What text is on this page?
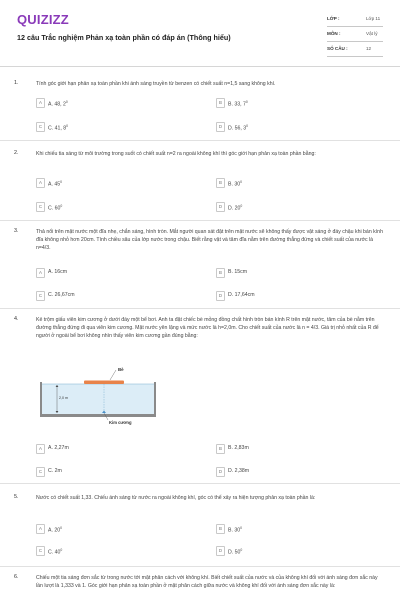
QUIZIZZ
12 câu Trắc nghiệm Phản xạ toàn phần có đáp án (Thông hiểu)
LỚP :	Lớp 11
MÔN :	Vật lý
SỐ CÂU :	12
1.	Tính góc giới hạn phản xạ toàn phần khi ánh sáng truyền từ benzen có chiết suất n=1,5 sang không khí.
A	A. 48, $2^0$	B	B. 33, $7^0$
C	C. 41, $8^0$	D	D. 56, $3^0$
2.	Khi chiếu tia sáng từ môi trường trong suốt có chiết suất n=2 ra ngoài không khí thì góc giới hạn phản xạ toàn phần bằng:
A	A. $45^0$	B	B. $30^0$
C	C. $60^0$	D	D. $20^0$
3.	Thả nổi trên mặt nước một đĩa nhẹ, chắn sáng, hình tròn. Mắt người quan sát đặt trên mặt nước sẽ không thấy được vật sáng ở đáy chậu khi bán kính đĩa không nhỏ hơn 20cm. Tính chiều sâu của lớp nước trong chậu. Biết rằng vật và tâm đĩa nằm trên đường thẳng đứng và chiết suất của nước là n=4/3.
A	A. 16cm	B	B. 15cm
C	C. 26,67cm	D	D. 17,64cm
4.	Kẻ trộm giấu viên kim cương ở dưới đáy một bể bơi. Anh ta đặt chiếc bè mỏng đồng chất hình tròn bán kính R trên mặt nước, tâm của bè nằm trên đường thẳng đứng đi qua viên kim cương. Mặt nước yên lặng và mức nước là h=2,0m. Cho chiết suất của nước là n = 4/3. Giá trị nhỏ nhất của R để người ở ngoài bể bơi không nhìn thấy viên kim cương gần đúng bằng:
Bè
2,0 m
Kim cương
A	A. 2,27m	B	B. 2,83m
C	C. 2m	D	D. 2,38m
5.	Nước có chiết suất 1,33. Chiếu ánh sáng từ nước ra ngoài không khí, góc có thể xảy ra hiện tượng phản xạ toàn phần là:
A	A. $20^0$	B	B. $30^0$
C	C. $40^0$	D	D. $50^0$
6.	Chiếu một tia sáng đơn sắc từ trong nước tới mặt phân cách với không khí. Biết chiết suất của nước và của không khí đối với ánh sáng đơn sắc này lần lượt là 1,333 và 1. Góc giới hạn phản xạ toàn phần ở mặt phân cách giữa nước và không khí đối với ánh sáng đơn sắc này là:
